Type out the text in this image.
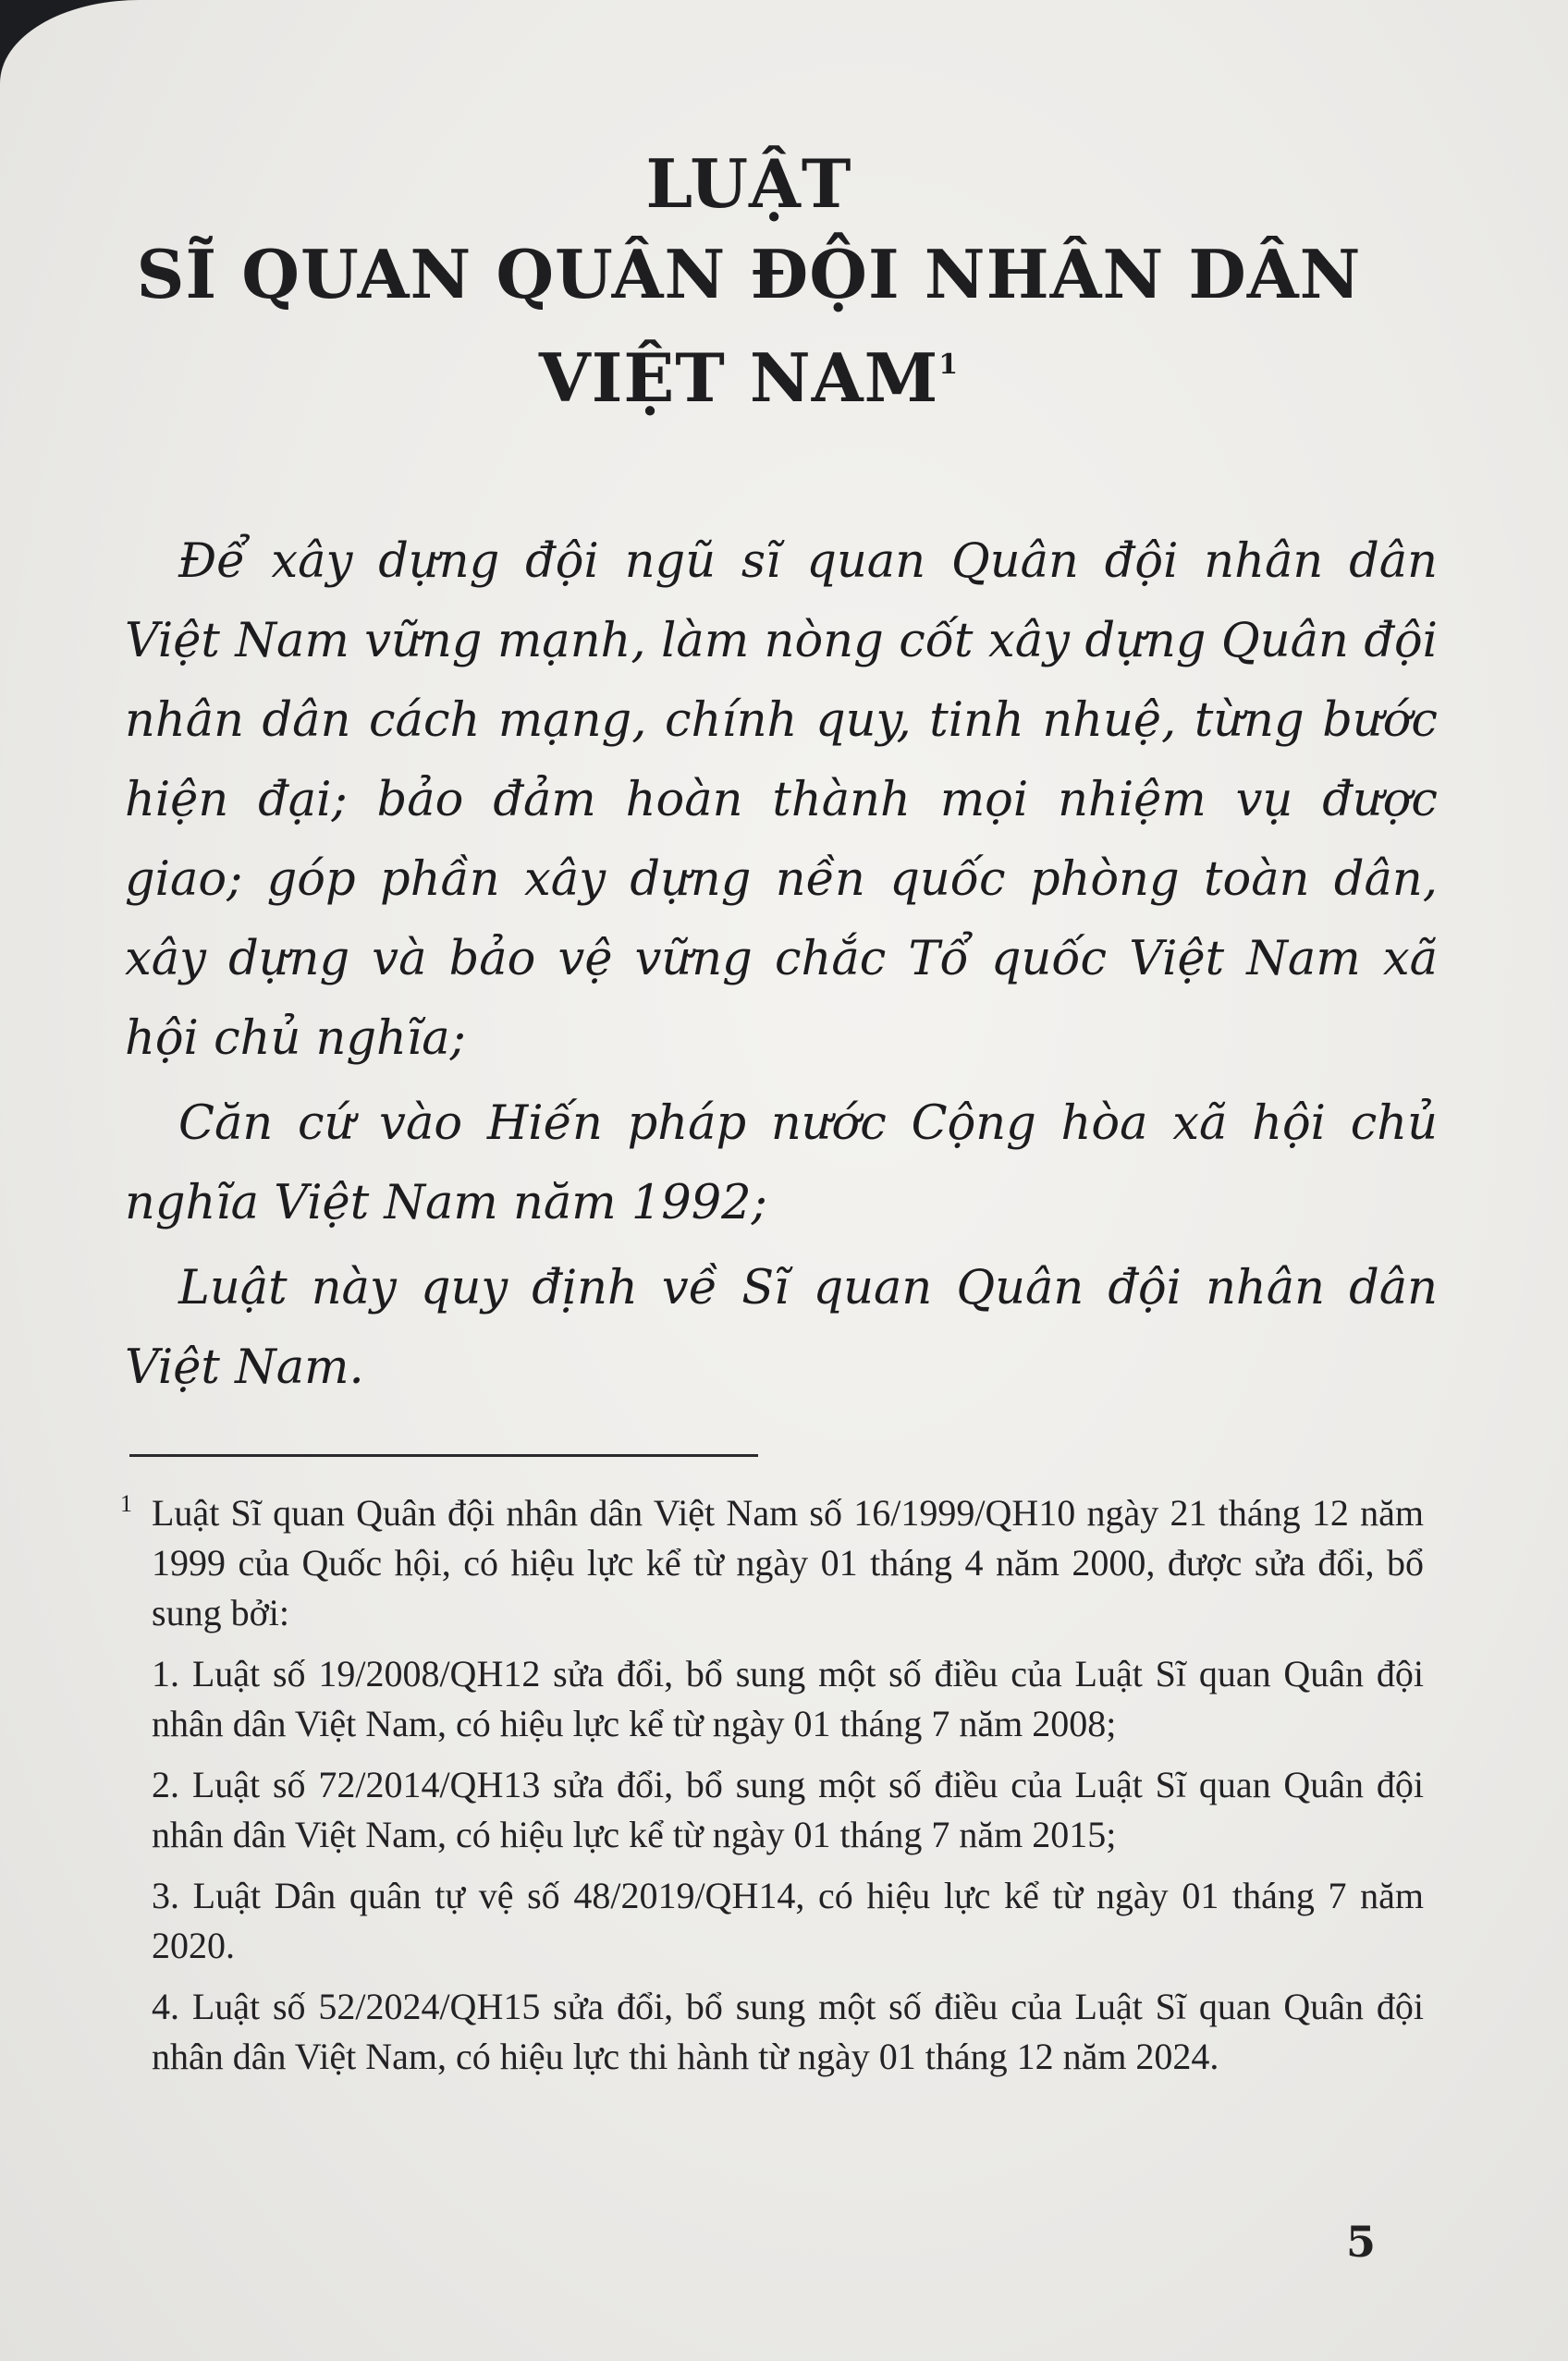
LUẬT
SĨ QUAN QUÂN ĐỘI NHÂN DÂN
VIỆT NAM$^1$

Để xây dựng đội ngũ sĩ quan Quân đội nhân dân Việt Nam vững mạnh, làm nòng cốt xây dựng Quân đội nhân dân cách mạng, chính quy, tinh nhuệ, từng bước hiện đại; bảo đảm hoàn thành mọi nhiệm vụ được giao; góp phần xây dựng nền quốc phòng toàn dân, xây dựng và bảo vệ vững chắc Tổ quốc Việt Nam xã hội chủ nghĩa;

Căn cứ vào Hiến pháp nước Cộng hòa xã hội chủ nghĩa Việt Nam năm 1992;

Luật này quy định về Sĩ quan Quân đội nhân dân Việt Nam.

1 Luật Sĩ quan Quân đội nhân dân Việt Nam số 16/1999/QH10 ngày 21 tháng 12 năm 1999 của Quốc hội, có hiệu lực kể từ ngày 01 tháng 4 năm 2000, được sửa đổi, bổ sung bởi:
1. Luật số 19/2008/QH12 sửa đổi, bổ sung một số điều của Luật Sĩ quan Quân đội nhân dân Việt Nam, có hiệu lực kể từ ngày 01 tháng 7 năm 2008;
2. Luật số 72/2014/QH13 sửa đổi, bổ sung một số điều của Luật Sĩ quan Quân đội nhân dân Việt Nam, có hiệu lực kể từ ngày 01 tháng 7 năm 2015;
3. Luật Dân quân tự vệ số 48/2019/QH14, có hiệu lực kể từ ngày 01 tháng 7 năm 2020.
4. Luật số 52/2024/QH15 sửa đổi, bổ sung một số điều của Luật Sĩ quan Quân đội nhân dân Việt Nam, có hiệu lực thi hành từ ngày 01 tháng 12 năm 2024.
5
